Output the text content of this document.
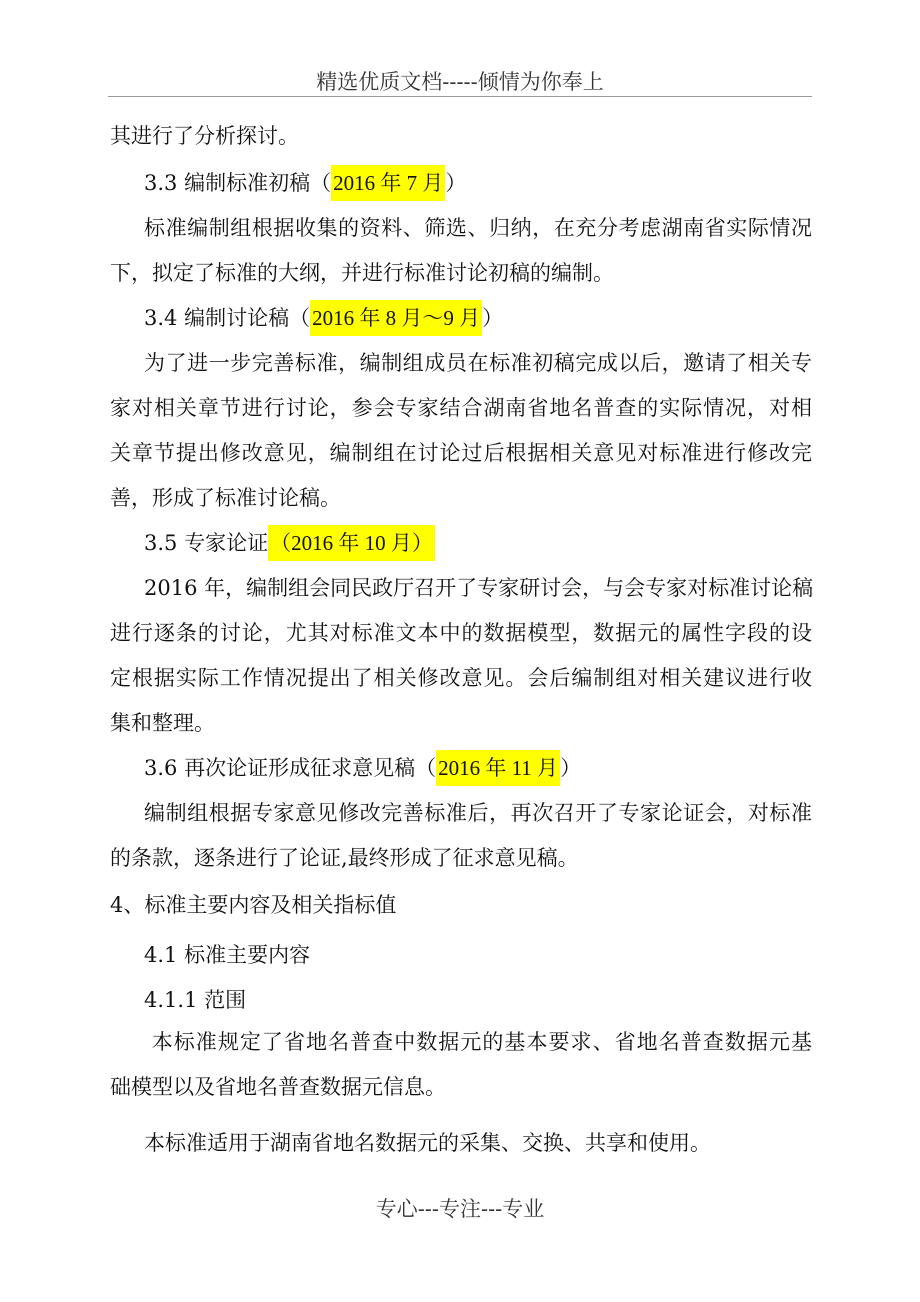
精选优质文档-----倾情为你奉上
其进行了分析探讨。
3.3 编制标准初稿（2016 年 7 月）
标准编制组根据收集的资料、筛选、归纳，在充分考虑湖南省实际情况
下，拟定了标准的大纲，并进行标准讨论初稿的编制。
3.4 编制讨论稿（2016 年 8 月～9 月）
为了进一步完善标准，编制组成员在标准初稿完成以后，邀请了相关专
家对相关章节进行讨论，参会专家结合湖南省地名普查的实际情况，对相
关章节提出修改意见，编制组在讨论过后根据相关意见对标准进行修改完
善，形成了标准讨论稿。
3.5 专家论证（2016 年 10 月）
2016 年，编制组会同民政厅召开了专家研讨会，与会专家对标准讨论稿
进行逐条的讨论，尤其对标准文本中的数据模型，数据元的属性字段的设
定根据实际工作情况提出了相关修改意见。会后编制组对相关建议进行收
集和整理。
3.6 再次论证形成征求意见稿（2016 年 11 月）
编制组根据专家意见修改完善标准后，再次召开了专家论证会，对标准
的条款，逐条进行了论证,最终形成了征求意见稿。
4、标准主要内容及相关指标值
4.1 标准主要内容
4.1.1 范围
本标准规定了省地名普查中数据元的基本要求、省地名普查数据元基
础模型以及省地名普查数据元信息。
本标准适用于湖南省地名数据元的采集、交换、共享和使用。
专心---专注---专业
